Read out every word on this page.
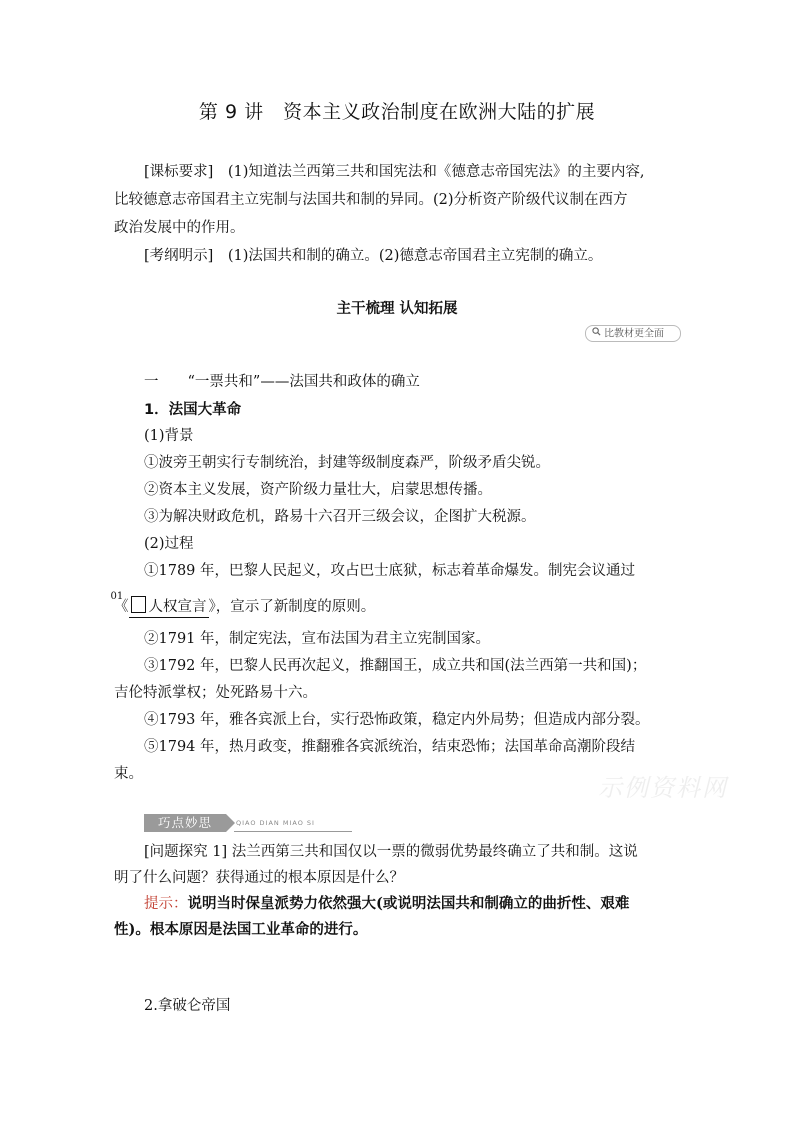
第 9 讲　资本主义政治制度在欧洲大陆的扩展
[课标要求]　(1)知道法兰西第三共和国宪法和《德意志帝国宪法》的主要内容,
比较德意志帝国君主立宪制与法国共和制的异同。(2)分析资产阶级代议制在西方
政治发展中的作用。
[考纲明示]　(1)法国共和制的确立。(2)德意志帝国君主立宪制的确立。
主干梳理 认知拓展
比教材更全面
一　　“一票共和”——法国共和政体的确立
1．法国大革命
(1)背景
①波旁王朝实行专制统治，封建等级制度森严，阶级矛盾尖锐。
②资本主义发展，资产阶级力量壮大，启蒙思想传播。
③为解决财政危机，路易十六召开三级会议，企图扩大税源。
(2)过程
①1789 年，巴黎人民起义，攻占巴士底狱，标志着革命爆发。制宪会议通过
《
01
人权宣言 》，宣示了新制度的原则。
②1791 年，制定宪法，宣布法国为君主立宪制国家。
③1792 年，巴黎人民再次起义，推翻国王，成立共和国(法兰西第一共和国)；
吉伦特派掌权；处死路易十六。
④1793 年，雅各宾派上台，实行恐怖政策，稳定内外局势；但造成内部分裂。
⑤1794 年，热月政变，推翻雅各宾派统治，结束恐怖；法国革命高潮阶段结
束。	示例资料网
巧点妙思	QIAO DIAN MIAO SI
[问题探究 1] 法兰西第三共和国仅以一票的微弱优势最终确立了共和制。这说
明了什么问题？获得通过的根本原因是什么？
提示：说明当时保皇派势力依然强大(或说明法国共和制确立的曲折性、艰难
性)。根本原因是法国工业革命的进行。
2.拿破仑帝国
